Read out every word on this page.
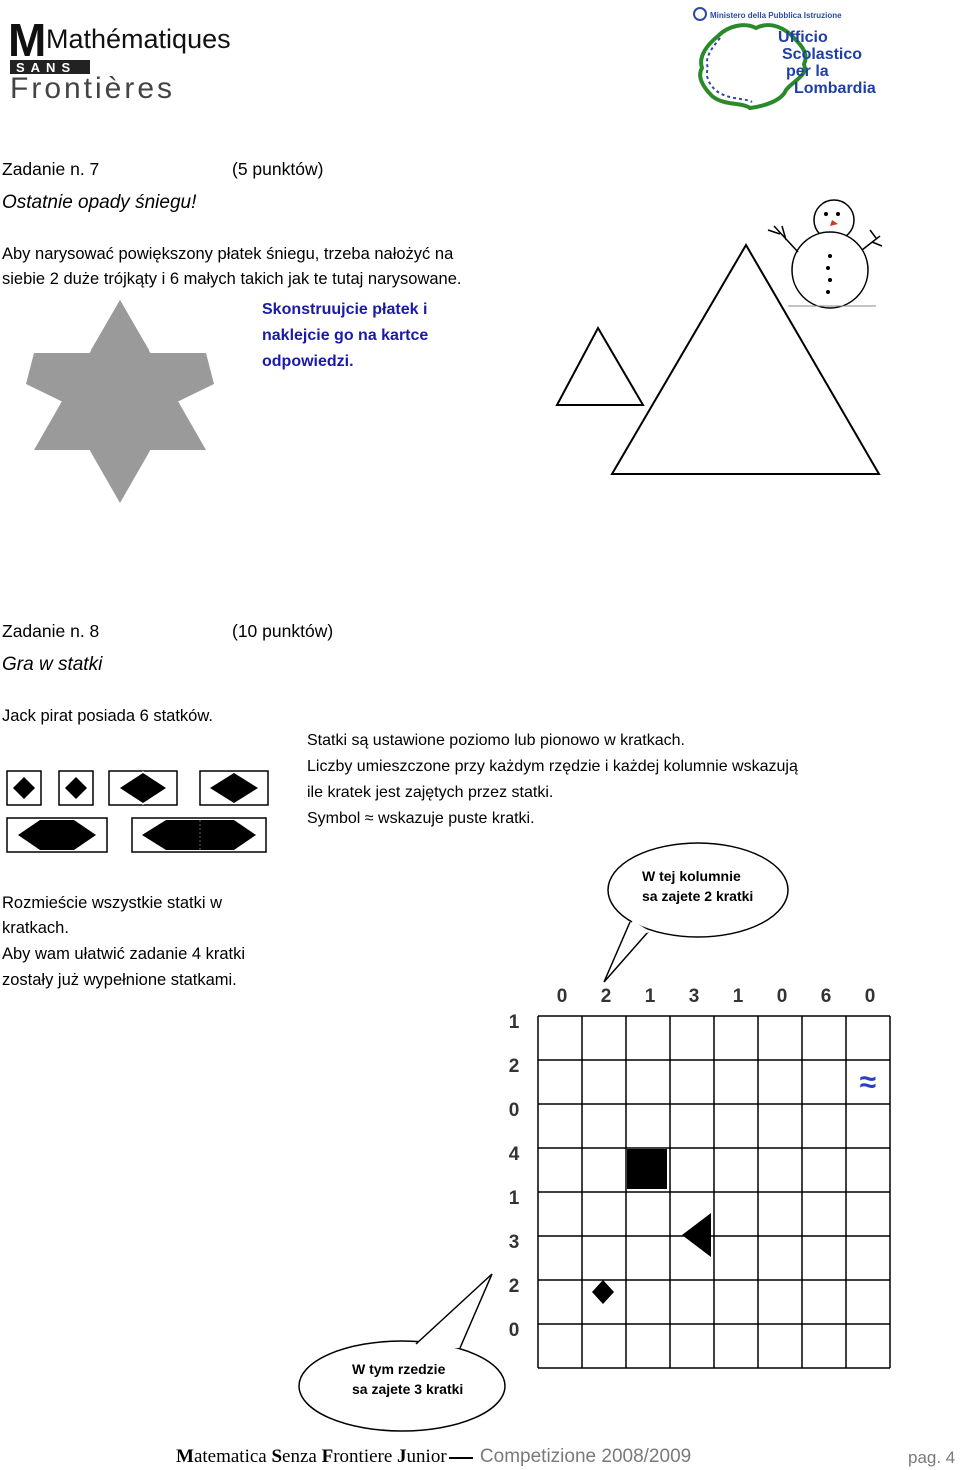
M Mathématiques
SANS
Frontières
Ministero della Pubblica Istruzione
Ufficio
Scolastico
per la
Lombardia
Zadanie n. 7	(5 punktów)
Ostatnie opady śniegu!
Aby narysować powiększony płatek śniegu, trzeba nałożyć na
siebie 2 duże trójkąty i 6 małych takich jak te tutaj narysowane.
Skonstruujcie płatek i
naklejcie go na kartce
odpowiedzi.
Zadanie n. 8	(10 punktów)
Gra w statki
Jack pirat posiada 6 statków.
Statki są ustawione poziomo lub pionowo w kratkach.
Liczby umieszczone przy każdym rzędzie i każdej kolumnie wskazują
ile kratek jest zajętych przez statki.
Symbol ≈ wskazuje puste kratki.
Rozmieście wszystkie statki w
kratkach.
Aby wam ułatwić zadanie 4 kratki
zostały już wypełnione statkami.
W tej kolumnie
sa zajete 2 kratki
0 2 1 3 1 0 6 0
1
2
0
4
1
3
2
0
≈
W tym rzedzie
sa zajete 3 kratki
Matematica Senza Frontiere Junior Competizione 2008/2009	pag. 4
